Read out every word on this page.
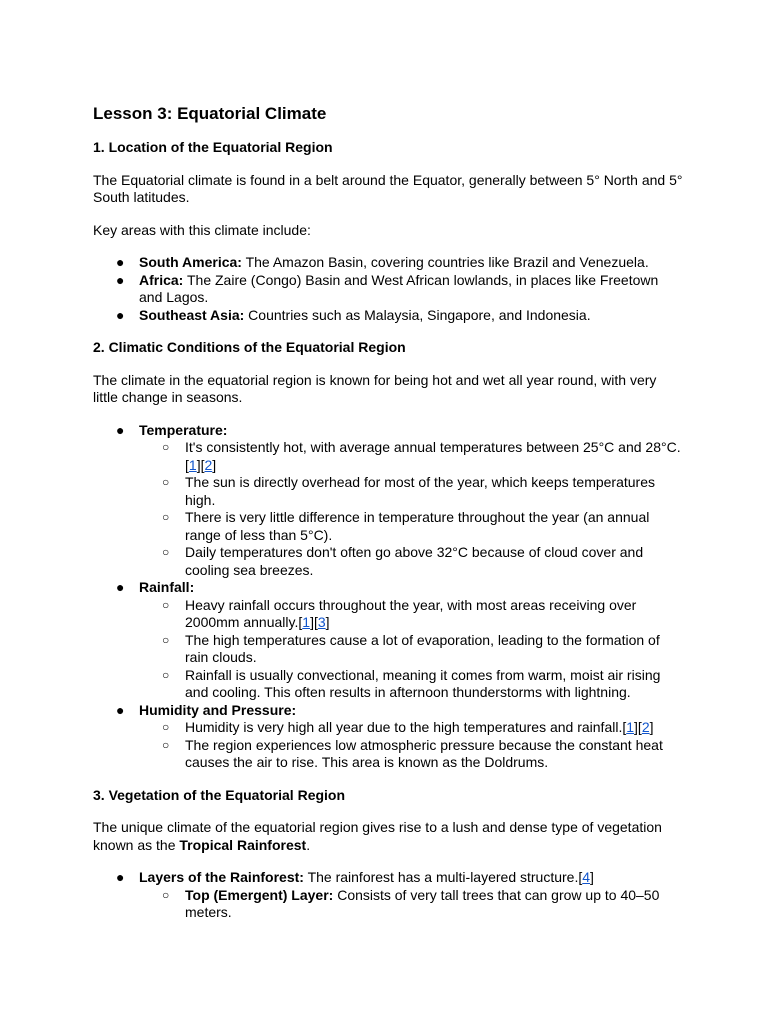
Lesson 3: Equatorial Climate
1. Location of the Equatorial Region

The Equatorial climate is found in a belt around the Equator, generally between 5° North and 5° South latitudes.

Key areas with this climate include:

● South America: The Amazon Basin, covering countries like Brazil and Venezuela.
● Africa: The Zaire (Congo) Basin and West African lowlands, in places like Freetown and Lagos.
● Southeast Asia: Countries such as Malaysia, Singapore, and Indonesia.
2. Climatic Conditions of the Equatorial Region

The climate in the equatorial region is known for being hot and wet all year round, with very little change in seasons.

● Temperature:
○ It's consistently hot, with average annual temperatures between 25°C and 28°C.[1][2]
○ The sun is directly overhead for most of the year, which keeps temperatures high.
○ There is very little difference in temperature throughout the year (an annual range of less than 5°C).
○ Daily temperatures don't often go above 32°C because of cloud cover and cooling sea breezes.
● Rainfall:
○ Heavy rainfall occurs throughout the year, with most areas receiving over 2000mm annually.[1][3]
○ The high temperatures cause a lot of evaporation, leading to the formation of rain clouds.
○ Rainfall is usually convectional, meaning it comes from warm, moist air rising and cooling. This often results in afternoon thunderstorms with lightning.
● Humidity and Pressure:
○ Humidity is very high all year due to the high temperatures and rainfall.[1][2]
○ The region experiences low atmospheric pressure because the constant heat causes the air to rise. This area is known as the Doldrums.
3. Vegetation of the Equatorial Region

The unique climate of the equatorial region gives rise to a lush and dense type of vegetation known as the Tropical Rainforest.

● Layers of the Rainforest: The rainforest has a multi-layered structure.[4]
○ Top (Emergent) Layer: Consists of very tall trees that can grow up to 40–50 meters.
